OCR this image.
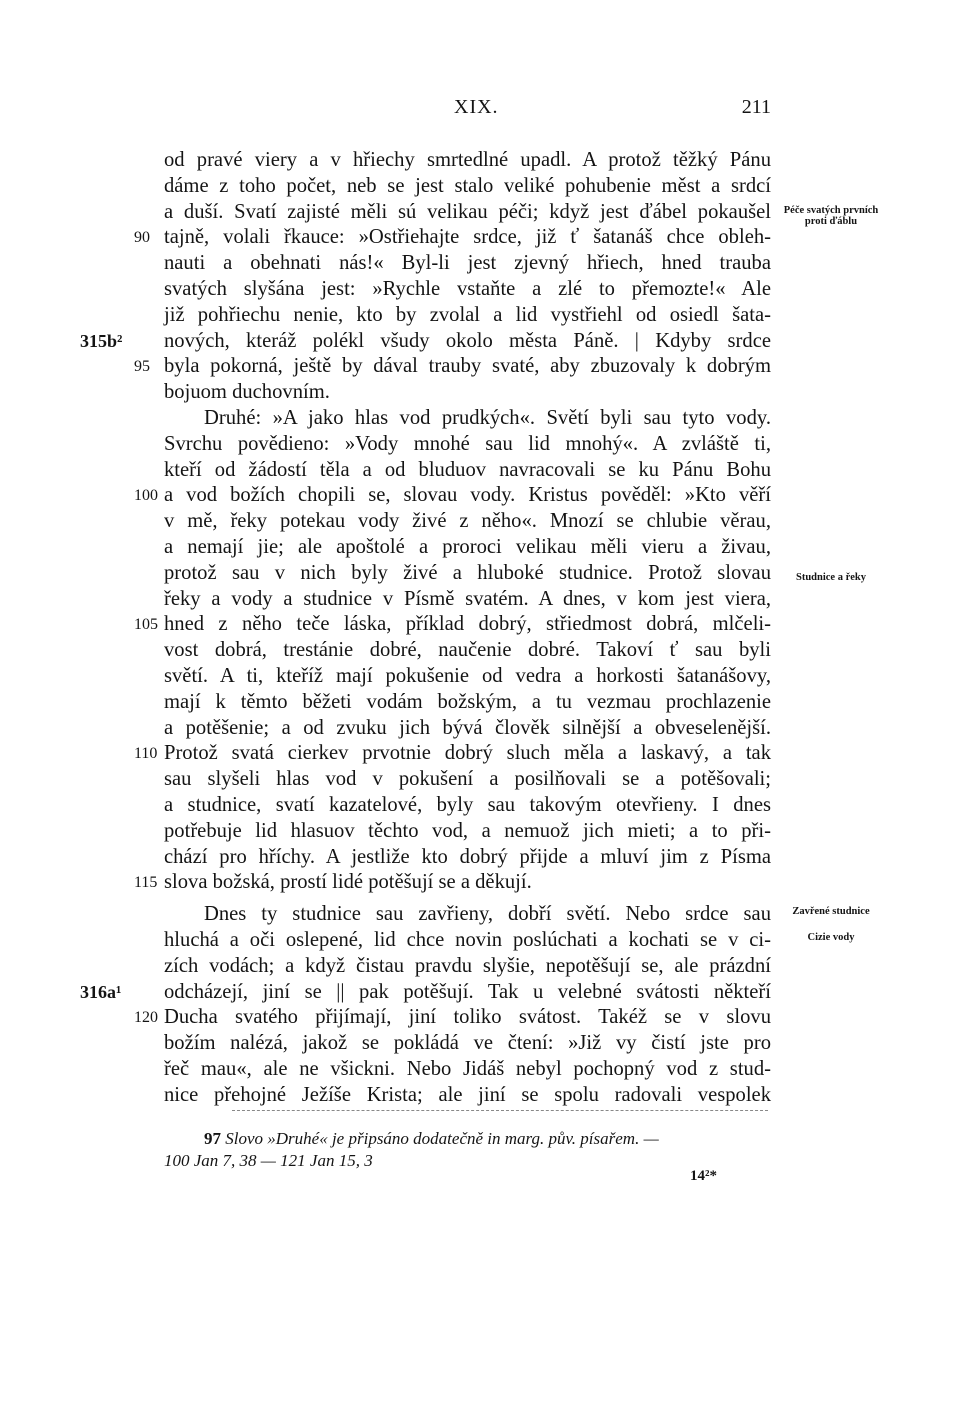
XIX.	211
od pravé viery a v hřiechy smrtedlné upadl. A protož těžký Pánu
dáme z toho počet, neb se jest stalo veliké pohubenie měst a srdcí
a duší. Svatí zajisté měli sú velikau péči; když jest ďábel pokaušel
90 tajně, volali řkauce: »Ostřiehajte srdce, již ť šatanáš chce obleh-
nauti a obehnati nás!« Byl-li jest zjevný hřiech, hned trauba
svatých slyšána jest: »Rychle vstaňte a zlé to přemozte!« Ale
již pohřiechu nenie, kto by zvolal a lid vystřiehl od osiedl šata-
315b² nových, kteráž polékl všudy okolo města Páně. | Kdyby srdce
95 byla pokorná, ještě by dával trauby svaté, aby zbuzovaly k dobrým
bojuom duchovním.
Druhé: »A jako hlas vod prudkých«. Světí byli sau tyto vody.
Svrchu povědieno: »Vody mnohé sau lid mnohý«. A zvláště ti,
kteří od žádostí těla a od bluduov navracovali se ku Pánu Bohu
100 a vod božích chopili se, slovau vody. Kristus pověděl: »Kto věří
v mě, řeky potekau vody živé z něho«. Mnozí se chlubie věrau,
a nemají jie; ale apoštolé a proroci velikau měli vieru a živau,
protož sau v nich byly živé a hluboké studnice. Protož slovau
řeky a vody a studnice v Písmě svatém. A dnes, v kom jest viera,
105 hned z něho teče láska, příklad dobrý, střiedmost dobrá, mlčeli-
vost dobrá, trestánie dobré, naučenie dobré. Takoví ť sau byli
světí. A ti, kteříž mají pokušenie od vedra a horkosti šatanášovy,
mají k těmto běžeti vodám božským, a tu vezmau prochlazenie
a potěšenie; a od zvuku jich bývá člověk silnější a obveselenější.
110 Protož svatá cierkev prvotnie dobrý sluch měla a laskavý, a tak
sau slyšeli hlas vod v pokušení a posilňovali se a potěšovali;
a studnice, svatí kazatelové, byly sau takovým otevřieny. I dnes
potřebuje lid hlasuov těchto vod, a nemuož jich mieti; a to při-
chází pro hříchy. A jestliže kto dobrý přijde a mluví jim z Písma
115 slova božská, prostí lidé potěšují se a děkují.
Dnes ty studnice sau zavřieny, dobří světí. Nebo srdce sau
hluchá a oči oslepené, lid chce novin poslúchati a kochati se v ci-
zích vodách; a když čistau pravdu slyšie, nepotěšují se, ale prázdní
316a¹ odcházejí, jiní se || pak potěšují. Tak u velebné svátosti někteří
120 Ducha svatého přijímají, jiní toliko svátost. Takéž se v slovu
božím nalézá, jakož se pokládá ve čtení: »Již vy čistí jste pro
řeč mau«, ale ne všickni. Nebo Jidáš nebyl pochopný vod z stud-
nice přehojné Ježíše Krista; ale jiní se spolu radovali vespolek
Péče svatých prvních proti ďáblu
Studnice a řeky
Zavřené studnice
Cizie vody
97 Slovo »Druhé« je připsáno dodatečně in marg. pův. písařem. —
100 Jan 7, 38 — 121 Jan 15, 3
14²*
